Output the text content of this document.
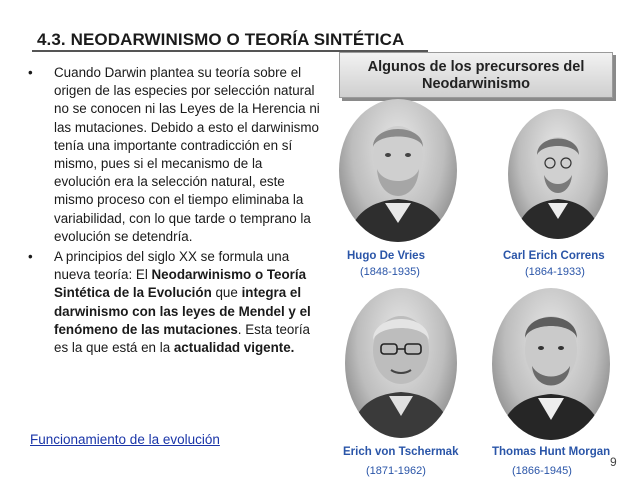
4.3. NEODARWINISMO O TEORÍA SINTÉTICA
• Cuando Darwin plantea su teoría sobre el origen de las especies por selección natural no se conocen ni las Leyes de la Herencia ni las mutaciones. Debido a esto el darwinismo tenía una importante contradicción en sí mismo, pues si el mecanismo de la evolución era la selección natural, este mismo proceso con el tiempo eliminaba la variabilidad, con lo que tarde o temprano la evolución se detendría.
• A principios del siglo XX se formula una nueva teoría: El Neodarwinismo o Teoría Sintética de la Evolución que integra el darwinismo con las leyes de Mendel y el fenómeno de las mutaciones. Esta teoría es la que está en la actualidad vigente.
Funcionamiento de la evolución
Algunos de los precursores del
Neodarwinismo
Hugo De Vries
(1848-1935)
Carl Erich Correns
(1864-1933)
Erich von Tschermak
(1871-1962)
Thomas Hunt Morgan
(1866-1945)
9
